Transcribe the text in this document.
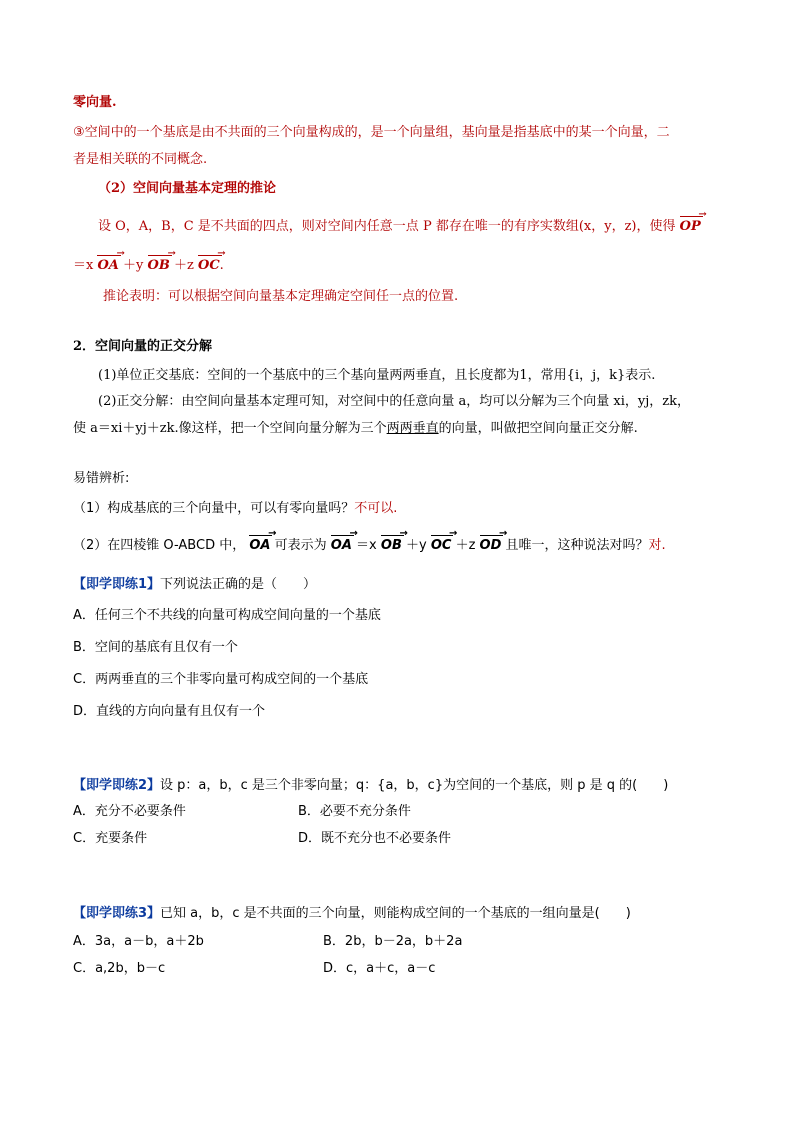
零向量.
③空间中的一个基底是由不共面的三个向量构成的，是一个向量组，基向量是指基底中的某一个向量，二
者是相关联的不同概念.
（2）空间向量基本定理的推论
设 O，A，B，C 是不共面的四点，则对空间内任意一点 P 都存在唯一的有序实数组(x，y，z)，使得 → OP
＝x → OA ＋y → OB ＋z → OC.
推论表明：可以根据空间向量基本定理确定空间任一点的位置.
2．空间向量的正交分解
(1)单位正交基底：空间的一个基底中的三个基向量两两垂直，且长度都为1，常用{i，j，k}表示.
(2)正交分解：由空间向量基本定理可知，对空间中的任意向量 a，均可以分解为三个向量 xi，yj，zk，
使 a＝xi＋yj＋zk.像这样，把一个空间向量分解为三个两两垂直的向量，叫做把空间向量正交分解.
易错辨析:
（1）构成基底的三个向量中，可以有零向量吗？不可以.
（2）在四棱锥 O-ABCD 中， → OA 可表示为 → OA ＝x → OB ＋y → OC ＋z → OD 且唯一，这种说法对吗？对.
【即学即练1】下列说法正确的是（　　）
A．任何三个不共线的向量可构成空间向量的一个基底
B．空间的基底有且仅有一个
C．两两垂直的三个非零向量可构成空间的一个基底
D．直线的方向向量有且仅有一个
【即学即练2】设 p：a，b，c 是三个非零向量；q：{a，b，c}为空间的一个基底，则 p 是 q 的(　　)
A．充分不必要条件	B．必要不充分条件
C．充要条件	D．既不充分也不必要条件
【即学即练3】已知 a，b，c 是不共面的三个向量，则能构成空间的一个基底的一组向量是(　　)
A．3a，a－b，a＋2b	B．2b，b－2a，b＋2a
C．a,2b，b－c	D．c，a＋c，a－c
